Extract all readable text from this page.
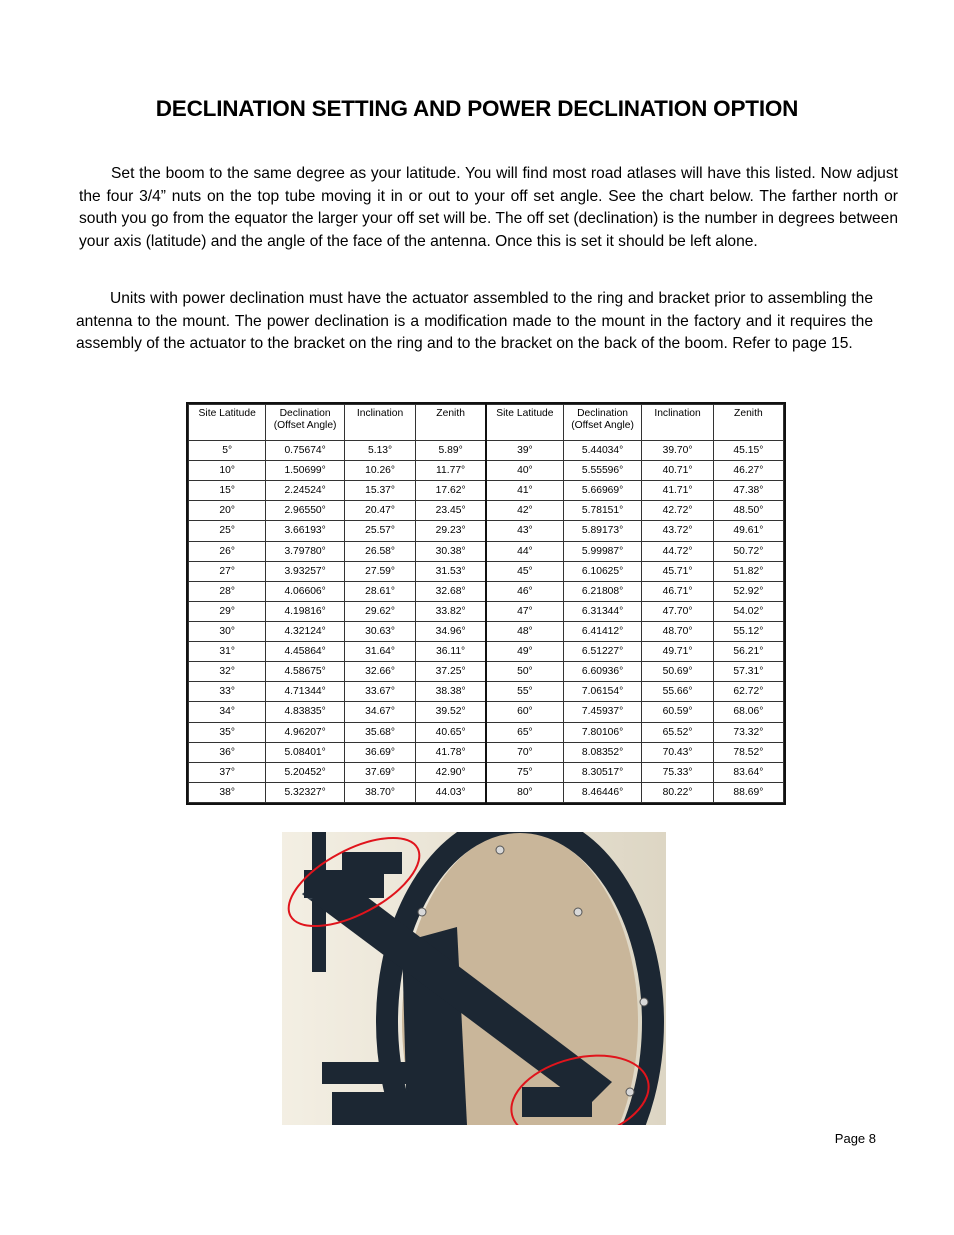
DECLINATION SETTING AND POWER DECLINATION OPTION

Set the boom to the same degree as your latitude. You will find most road atlases will have this listed. Now adjust the four 3/4” nuts on the top tube moving it in or out to your off set angle. See the chart below. The farther north or south you go from the equator the larger your off set will be. The off set (declination) is the number in degrees between your axis (latitude) and the angle of the face of the antenna. Once this is set it should be left alone.

Units with power declination must have the actuator assembled to the ring and bracket prior to assembling the antenna to the mount. The power declination is a modification made to the mount in the factory and it requires the assembly of the actuator to the bracket on the ring and to the bracket on the back of the boom. Refer to page 15.

Site Latitude	Declination (Offset Angle)	Inclination	Zenith	Site Latitude	Declination (Offset Angle)	Inclination	Zenith
5°	0.75674°	5.13°	5.89°	39°	5.44034°	39.70°	45.15°
10°	1.50699°	10.26°	11.77°	40°	5.55596°	40.71°	46.27°
15°	2.24524°	15.37°	17.62°	41°	5.66969°	41.71°	47.38°
20°	2.96550°	20.47°	23.45°	42°	5.78151°	42.72°	48.50°
25°	3.66193°	25.57°	29.23°	43°	5.89173°	43.72°	49.61°
26°	3.79780°	26.58°	30.38°	44°	5.99987°	44.72°	50.72°
27°	3.93257°	27.59°	31.53°	45°	6.10625°	45.71°	51.82°
28°	4.06606°	28.61°	32.68°	46°	6.21808°	46.71°	52.92°
29°	4.19816°	29.62°	33.82°	47°	6.31344°	47.70°	54.02°
30°	4.32124°	30.63°	34.96°	48°	6.41412°	48.70°	55.12°
31°	4.45864°	31.64°	36.11°	49°	6.51227°	49.71°	56.21°
32°	4.58675°	32.66°	37.25°	50°	6.60936°	50.69°	57.31°
33°	4.71344°	33.67°	38.38°	55°	7.06154°	55.66°	62.72°
34°	4.83835°	34.67°	39.52°	60°	7.45937°	60.59°	68.06°
35°	4.96207°	35.68°	40.65°	65°	7.80106°	65.52°	73.32°
36°	5.08401°	36.69°	41.78°	70°	8.08352°	70.43°	78.52°
37°	5.20452°	37.69°	42.90°	75°	8.30517°	75.33°	83.64°
38°	5.32327°	38.70°	44.03°	80°	8.46446°	80.22°	88.69°
Page 8
